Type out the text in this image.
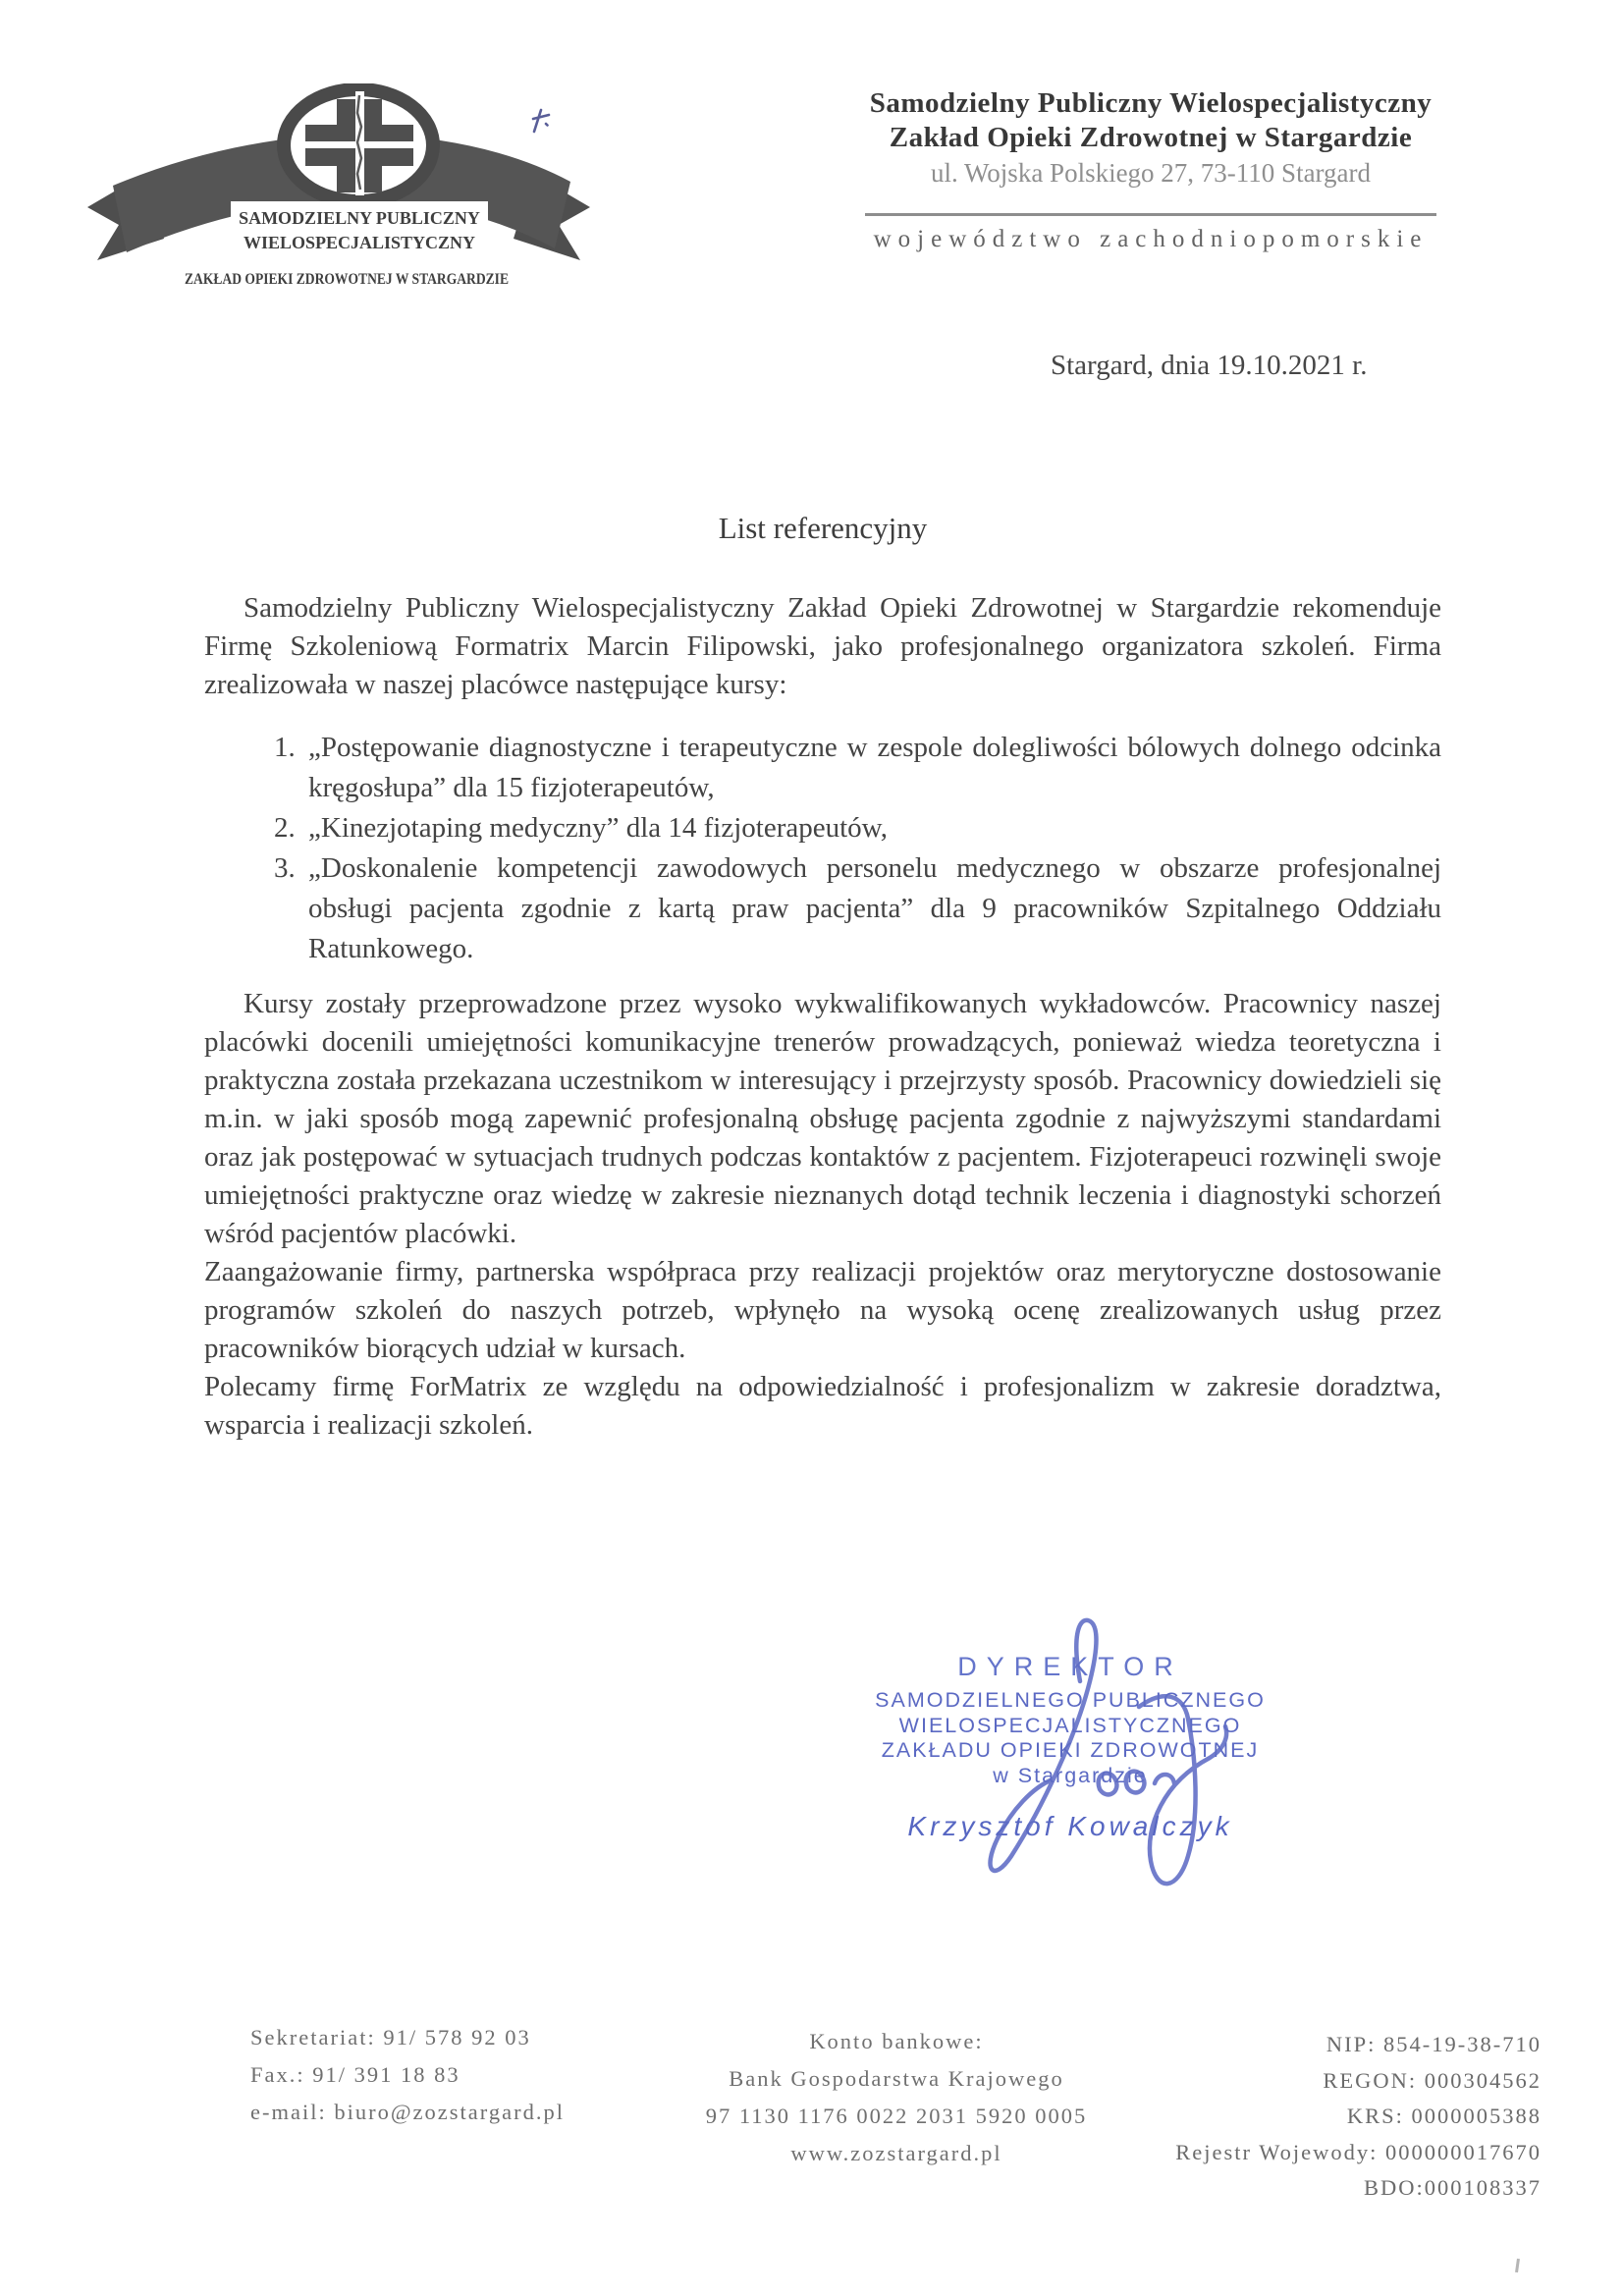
SAMODZIELNY PUBLICZNY
WIELOSPECJALISTYCZNY
ZAKŁAD OPIEKI ZDROWOTNEJ W STARGARDZIE
Samodzielny Publiczny Wielospecjalistyczny
Zakład Opieki Zdrowotnej w Stargardzie
ul. Wojska Polskiego 27, 73-110 Stargard
województwo zachodniopomorskie
Stargard, dnia 19.10.2021 r.
List referencyjny

Samodzielny Publiczny Wielospecjalistyczny Zakład Opieki Zdrowotnej w Stargardzie rekomenduje Firmę Szkoleniową Formatrix Marcin Filipowski, jako profesjonalnego organizatora szkoleń. Firma zrealizowała w naszej placówce następujące kursy:

1. „Postępowanie diagnostyczne i terapeutyczne w zespole dolegliwości bólowych dolnego odcinka kręgosłupa” dla 15 fizjoterapeutów,
2. „Kinezjotaping medyczny” dla 14 fizjoterapeutów,
3. „Doskonalenie kompetencji zawodowych personelu medycznego w obszarze profesjonalnej obsługi pacjenta zgodnie z kartą praw pacjenta” dla 9 pracowników Szpitalnego Oddziału Ratunkowego.

Kursy zostały przeprowadzone przez wysoko wykwalifikowanych wykładowców. Pracownicy naszej placówki docenili umiejętności komunikacyjne trenerów prowadzących, ponieważ wiedza teoretyczna i praktyczna została przekazana uczestnikom w interesujący i przejrzysty sposób. Pracownicy dowiedzieli się m.in. w jaki sposób mogą zapewnić profesjonalną obsługę pacjenta zgodnie z najwyższymi standardami oraz jak postępować w sytuacjach trudnych podczas kontaktów z pacjentem. Fizjoterapeuci rozwinęli swoje umiejętności praktyczne oraz wiedzę w zakresie nieznanych dotąd technik leczenia i diagnostyki schorzeń wśród pacjentów placówki.

Zaangażowanie firmy, partnerska współpraca przy realizacji projektów oraz merytoryczne dostosowanie programów szkoleń do naszych potrzeb, wpłynęło na wysoką ocenę zrealizowanych usług przez pracowników biorących udział w kursach.

Polecamy firmę ForMatrix ze względu na odpowiedzialność i profesjonalizm w zakresie doradztwa, wsparcia i realizacji szkoleń.

DYREKTOR
SAMODZIELNEGO PUBLICZNEGO
WIELOSPECJALISTYCZNEGO
ZAKŁADU OPIEKI ZDROWOTNEJ
w Stargardzie
Krzysztof Kowalczyk
Sekretariat: 91/ 578 92 03
Fax.: 91/ 391 18 83
e-mail: biuro@zozstargard.pl
Konto bankowe:
Bank Gospodarstwa Krajowego
97 1130 1176 0022 2031 5920 0005
www.zozstargard.pl
NIP: 854-19-38-710
REGON: 000304562
KRS: 0000005388
Rejestr Wojewody: 000000017670
BDO:000108337
